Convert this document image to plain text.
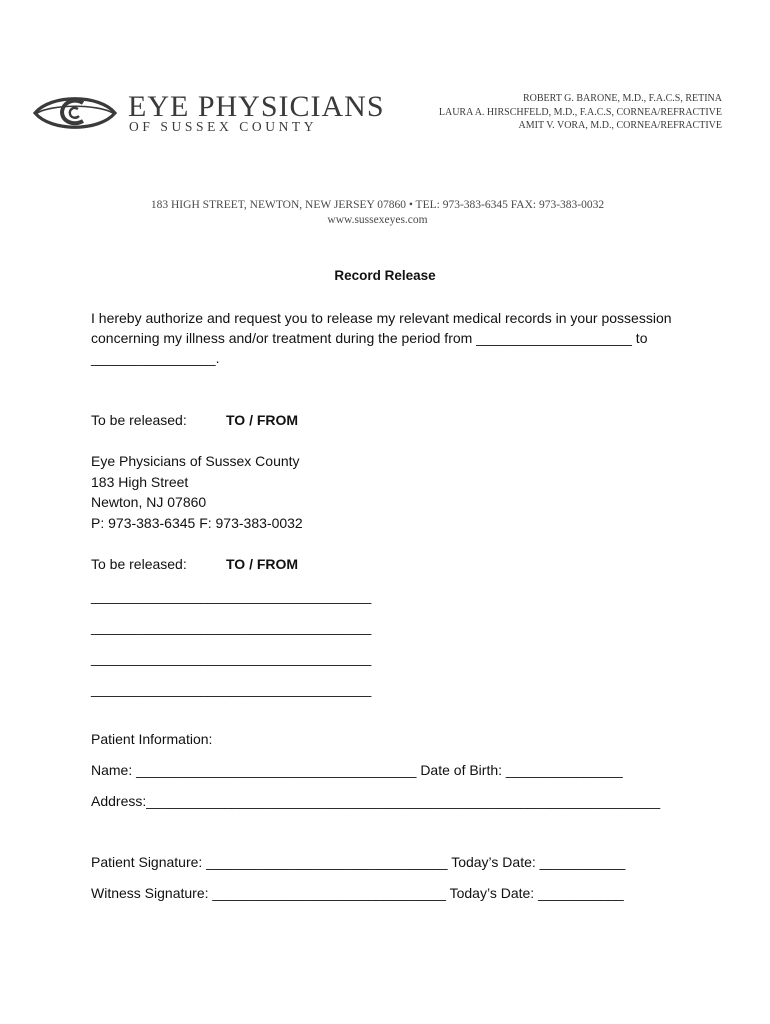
EYE PHYSICIANS
OF SUSSEX COUNTY
ROBERT G. BARONE, M.D., F.A.C.S, RETINA
LAURA A. HIRSCHFELD, M.D., F.A.C.S, CORNEA/REFRACTIVE
AMIT V. VORA, M.D., CORNEA/REFRACTIVE
183 HIGH STREET, NEWTON, NEW JERSEY 07860 • TEL: 973-383-6345 FAX: 973-383-0032
www.sussexeyes.com
Record Release
I hereby authorize and request you to release my relevant medical records in your possession
concerning my illness and/or treatment during the period from ____________________ to
________________.
To be released:	TO / FROM
Eye Physicians of Sussex County
183 High Street
Newton, NJ 07860
P: 973-383-6345 F: 973-383-0032
To be released:	TO / FROM
____________________________________
____________________________________
____________________________________
____________________________________
Patient Information:
Name: ____________________________________ Date of Birth: _______________
Address:__________________________________________________________________
Patient Signature: _______________________________ Today’s Date: ___________
Witness Signature: ______________________________ Today’s Date: ___________
